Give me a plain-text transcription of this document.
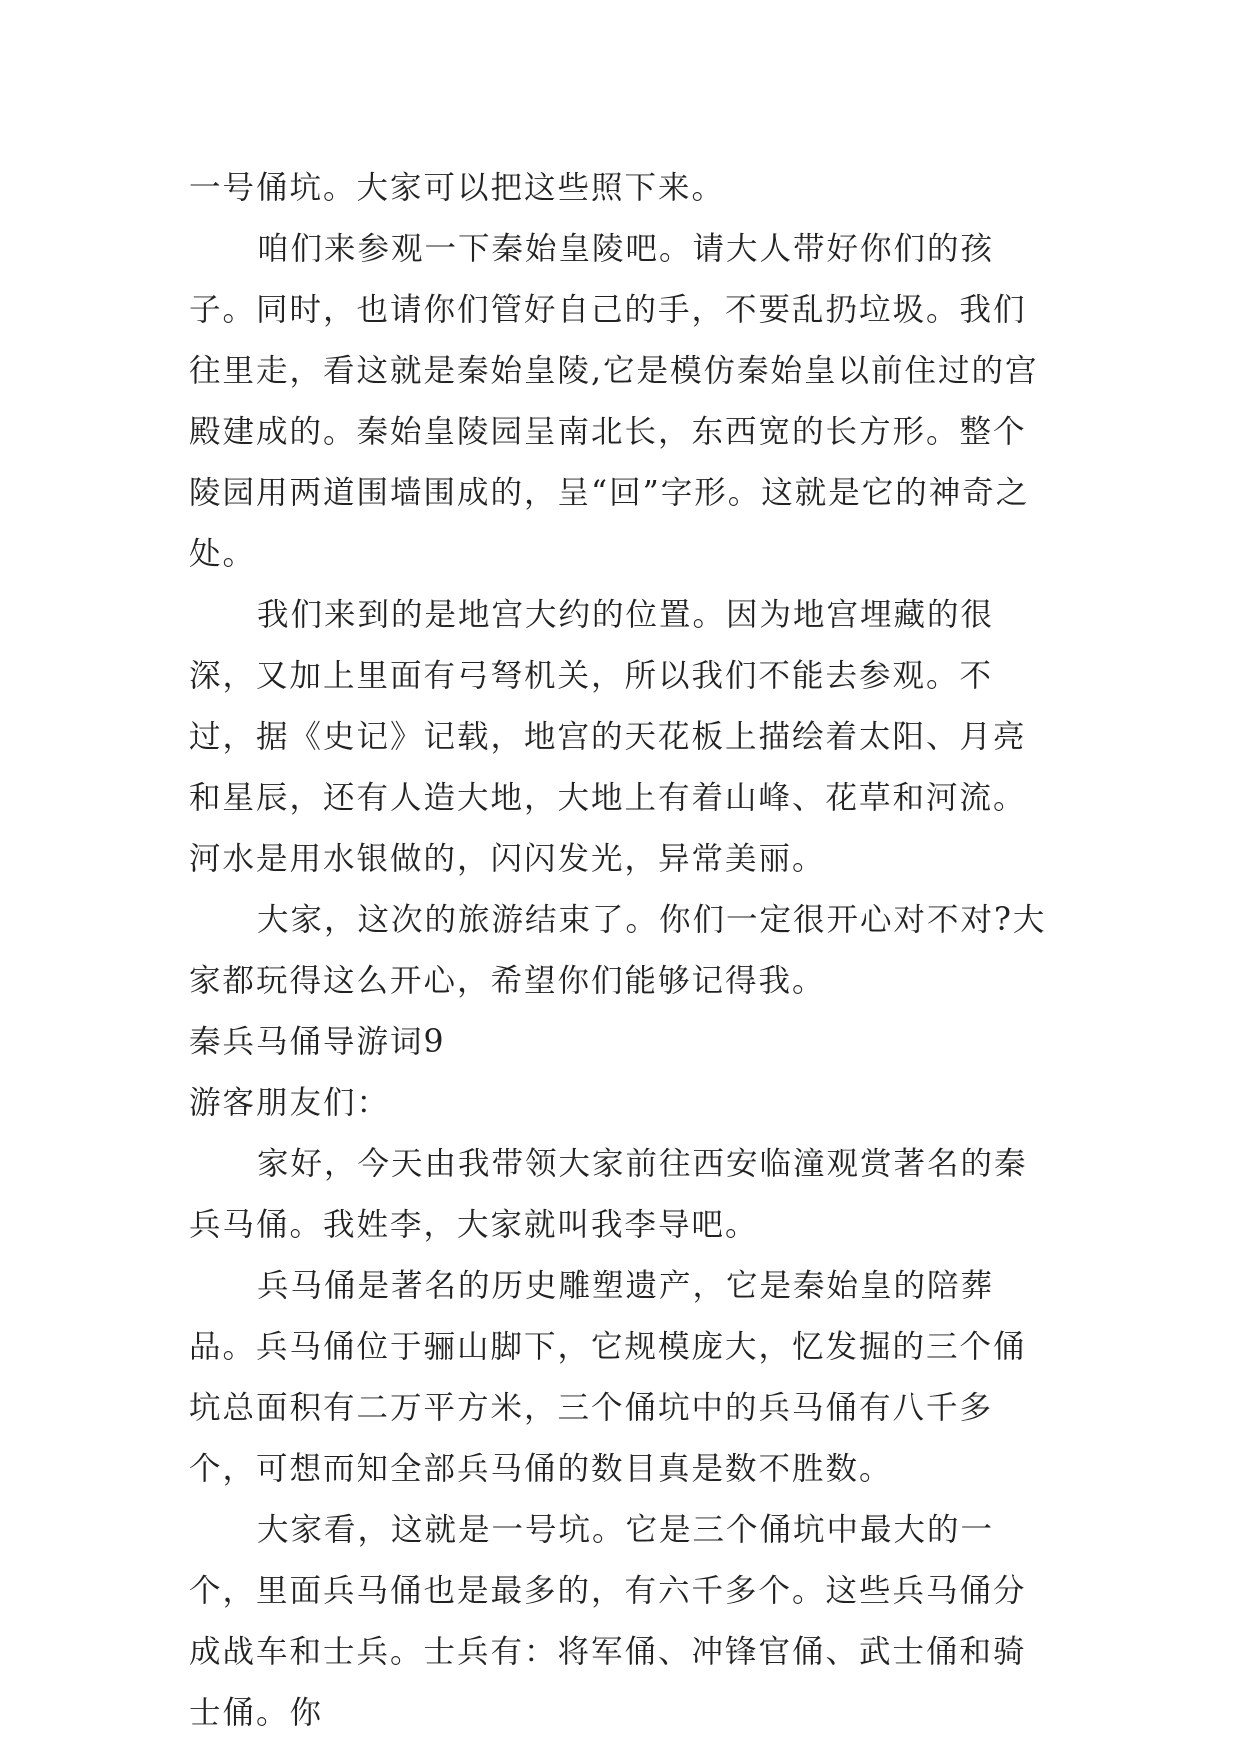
一号俑坑。大家可以把这些照下来。

咱们来参观一下秦始皇陵吧。请大人带好你们的孩子。同时，也请你们管好自己的手，不要乱扔垃圾。我们往里走，看这就是秦始皇陵,它是模仿秦始皇以前住过的宫殿建成的。秦始皇陵园呈南北长，东西宽的长方形。整个陵园用两道围墙围成的，呈“回”字形。这就是它的神奇之处。

我们来到的是地宫大约的位置。因为地宫埋藏的很深，又加上里面有弓弩机关，所以我们不能去参观。不过，据《史记》记载，地宫的天花板上描绘着太阳、月亮和星辰，还有人造大地，大地上有着山峰、花草和河流。河水是用水银做的，闪闪发光，异常美丽。

大家，这次的旅游结束了。你们一定很开心对不对?大家都玩得这么开心，希望你们能够记得我。

秦兵马俑导游词9

游客朋友们：

家好，今天由我带领大家前往西安临潼观赏著名的秦兵马俑。我姓李，大家就叫我李导吧。

兵马俑是著名的历史雕塑遗产，它是秦始皇的陪葬品。兵马俑位于骊山脚下，它规模庞大，忆发掘的三个俑坑总面积有二万平方米，三个俑坑中的兵马俑有八千多个，可想而知全部兵马俑的数目真是数不胜数。

大家看，这就是一号坑。它是三个俑坑中最大的一个，里面兵马俑也是最多的，有六千多个。这些兵马俑分成战车和士兵。士兵有：将军俑、冲锋官俑、武士俑和骑士俑。你
